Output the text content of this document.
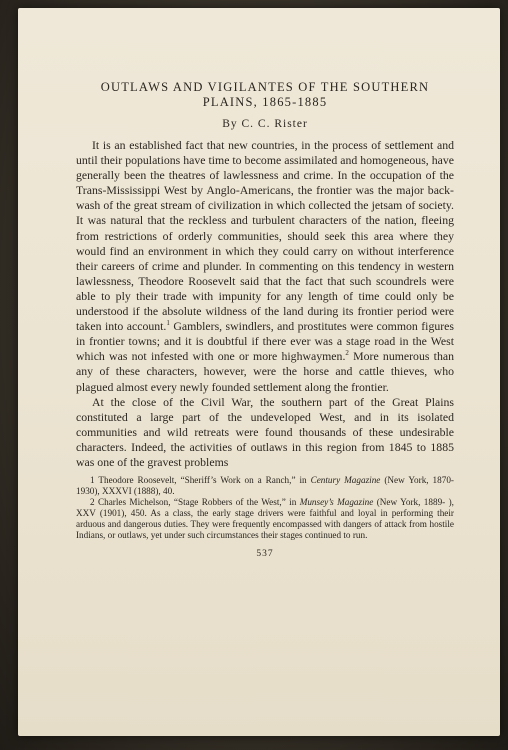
OUTLAWS AND VIGILANTES OF THE SOUTHERN
PLAINS, 1865-1885
By C. C. Rister

It is an established fact that new countries, in the process of settlement and until their populations have time to become assimilated and homogeneous, have generally been the theatres of lawlessness and crime. In the occupation of the Trans-Mississippi West by Anglo-Americans, the frontier was the major back-wash of the great stream of civilization in which collected the jetsam of society. It was natural that the reckless and turbulent characters of the nation, fleeing from restrictions of orderly communities, should seek this area where they would find an environment in which they could carry on without interference their careers of crime and plunder. In commenting on this tendency in western lawlessness, Theodore Roosevelt said that the fact that such scoundrels were able to ply their trade with impunity for any length of time could only be understood if the absolute wildness of the land during its frontier period were taken into account.$^1$ Gamblers, swindlers, and prostitutes were common figures in frontier towns; and it is doubtful if there ever was a stage road in the West which was not infested with one or more highwaymen.$^2$ More numerous than any of these characters, however, were the horse and cattle thieves, who plagued almost every newly founded settlement along the frontier.

At the close of the Civil War, the southern part of the Great Plains constituted a large part of the undeveloped West, and in its isolated communities and wild retreats were found thousands of these undesirable characters. Indeed, the activities of outlaws in this region from 1845 to 1885 was one of the gravest problems

1 Theodore Roosevelt, “Sheriff’s Work on a Ranch,” in Century Magazine (New York, 1870-1930), XXXVI (1888), 40.

2 Charles Michelson, “Stage Robbers of the West,” in Munsey’s Magazine (New York, 1889- ), XXV (1901), 450. As a class, the early stage drivers were faithful and loyal in performing their arduous and dangerous duties. They were frequently encompassed with dangers of attack from hostile Indians, or outlaws, yet under such circumstances their stages continued to run.

537
